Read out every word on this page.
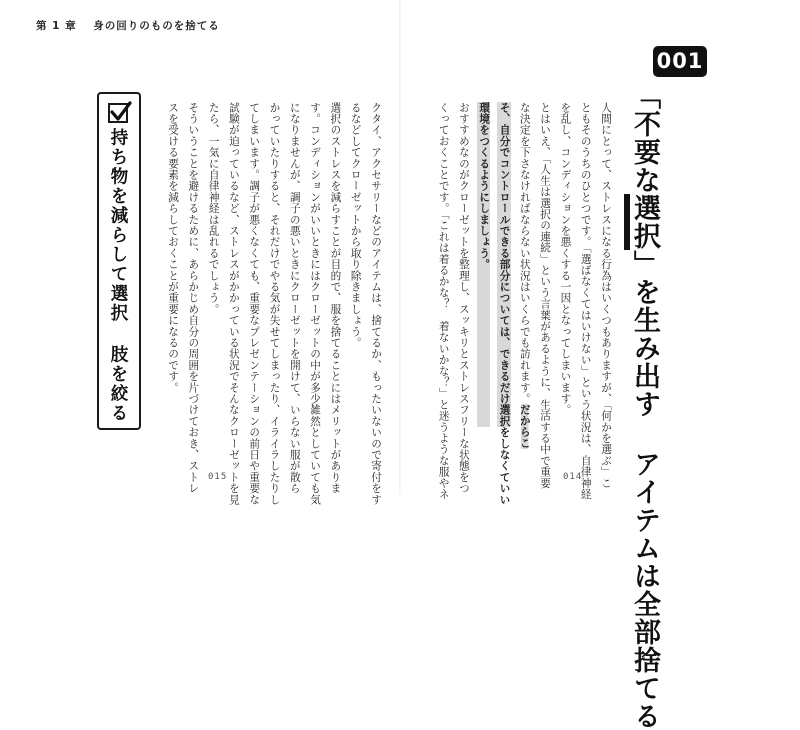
第 1 章 身の回りのものを捨てる
持ち物を減らして選択 肢を絞る	クタイ、アクセサリーなどのアイテムは、捨てるか、もったいないので寄付をす
るなどしてクローゼットから取り除きましょう。
選択のストレスを減らすことが目的で、服を捨てることにはメリットがありま
す。コンディションがいいときにはクローゼットの中が多少雑然としていても気
になりませんが、調子の悪いときにクローゼットを開けて、いらない服が散ら
かっていたりすると、それだけでやる気が失せてしまったり、イライラしたりし
てしまいます。調子が悪くなくても、重要なプレゼンテーションの前日や重要な
試験が迫っているなど、ストレスがかかっている状況でそんなクローゼットを見
たら、一気に自律神経は乱れるでしょう。
そういうことを避けるために、あらかじめ自分の周囲を片づけておき、ストレ
スを受ける要素を減らしておくことが重要になるのです。	人間にとって、ストレスになる行為はいくつもありますが、「何かを選ぶ」こ
ともそのうちのひとつです。「選ばなくてはいけない」という状況は、自律神経
を乱し、コンディションを悪くする一因となってしまいます。
とはいえ、「人生は選択の連続」という言葉があるように、生活する中で重要
な決定を下さなければならない状況はいくらでも訪れます。だからこ
そ、自分でコントロールできる部分については、できるだけ選択をしなくていい
環境をつくるようにしましょう。
おすすめなのがクローゼットを整理し、スッキリとストレスフリーな状態をつ
くっておくことです。「これは着るかな？　着ないかな？」と迷うような服やネ
001
「不要な選択」を生み出す アイテムは全部捨てる
015	014
